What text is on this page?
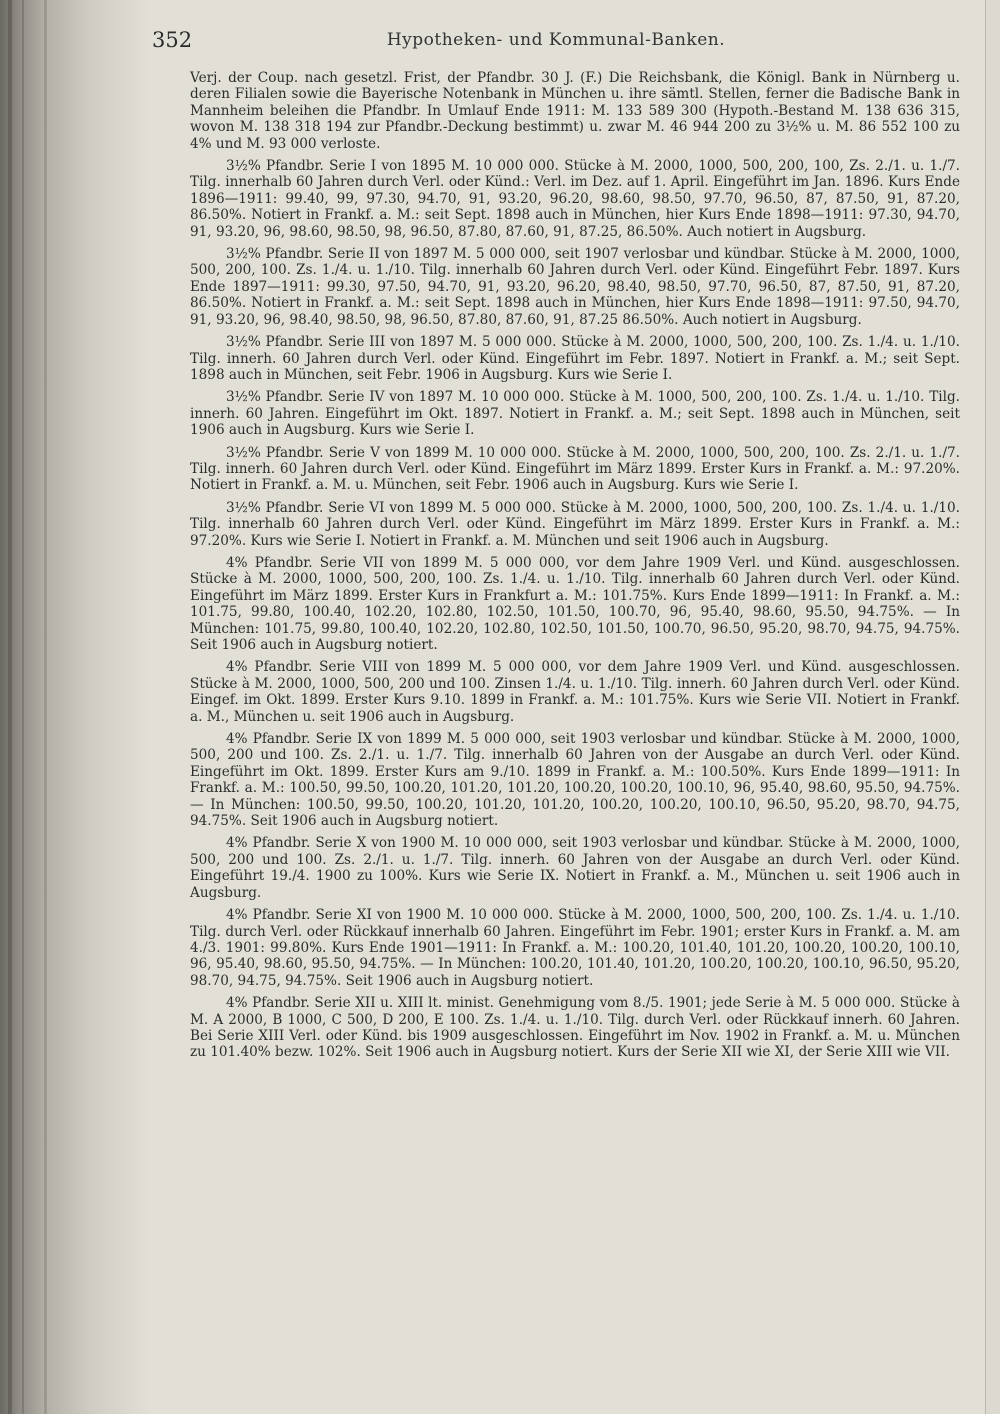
352	Hypotheken- und Kommunal-Banken.

Verj. der Coup. nach gesetzl. Frist, der Pfandbr. 30 J. (F.) Die Reichsbank, die Königl. Bank in Nürnberg u. deren Filialen sowie die Bayerische Notenbank in München u. ihre sämtl. Stellen, ferner die Badische Bank in Mannheim beleihen die Pfandbr. In Umlauf Ende 1911: M. 133 589 300 (Hypoth.-Bestand M. 138 636 315, wovon M. 138 318 194 zur Pfandbr.-Deckung bestimmt) u. zwar M. 46 944 200 zu 3½% u. M. 86 552 100 zu 4% und M. 93 000 verloste.

3½% Pfandbr. Serie I von 1895 M. 10 000 000. Stücke à M. 2000, 1000, 500, 200, 100, Zs. 2./1. u. 1./7. Tilg. innerhalb 60 Jahren durch Verl. oder Künd.: Verl. im Dez. auf 1. April. Eingeführt im Jan. 1896. Kurs Ende 1896—1911: 99.40, 99, 97.30, 94.70, 91, 93.20, 96.20, 98.60, 98.50, 97.70, 96.50, 87, 87.50, 91, 87.20, 86.50%. Notiert in Frankf. a. M.: seit Sept. 1898 auch in München, hier Kurs Ende 1898—1911: 97.30, 94.70, 91, 93.20, 96, 98.60, 98.50, 98, 96.50, 87.80, 87.60, 91, 87.25, 86.50%. Auch notiert in Augsburg.

3½% Pfandbr. Serie II von 1897 M. 5 000 000, seit 1907 verlosbar und kündbar. Stücke à M. 2000, 1000, 500, 200, 100. Zs. 1./4. u. 1./10. Tilg. innerhalb 60 Jahren durch Verl. oder Künd. Eingeführt Febr. 1897. Kurs Ende 1897—1911: 99.30, 97.50, 94.70, 91, 93.20, 96.20, 98.40, 98.50, 97.70, 96.50, 87, 87.50, 91, 87.20, 86.50%. Notiert in Frankf. a. M.: seit Sept. 1898 auch in München, hier Kurs Ende 1898—1911: 97.50, 94.70, 91, 93.20, 96, 98.40, 98.50, 98, 96.50, 87.80, 87.60, 91, 87.25 86.50%. Auch notiert in Augsburg.

3½% Pfandbr. Serie III von 1897 M. 5 000 000. Stücke à M. 2000, 1000, 500, 200, 100. Zs. 1./4. u. 1./10. Tilg. innerh. 60 Jahren durch Verl. oder Künd. Eingeführt im Febr. 1897. Notiert in Frankf. a. M.; seit Sept. 1898 auch in München, seit Febr. 1906 in Augsburg. Kurs wie Serie I.

3½% Pfandbr. Serie IV von 1897 M. 10 000 000. Stücke à M. 1000, 500, 200, 100. Zs. 1./4. u. 1./10. Tilg. innerh. 60 Jahren. Eingeführt im Okt. 1897. Notiert in Frankf. a. M.; seit Sept. 1898 auch in München, seit 1906 auch in Augsburg. Kurs wie Serie I.

3½% Pfandbr. Serie V von 1899 M. 10 000 000. Stücke à M. 2000, 1000, 500, 200, 100. Zs. 2./1. u. 1./7. Tilg. innerh. 60 Jahren durch Verl. oder Künd. Eingeführt im März 1899. Erster Kurs in Frankf. a. M.: 97.20%. Notiert in Frankf. a. M. u. München, seit Febr. 1906 auch in Augsburg. Kurs wie Serie I.

3½% Pfandbr. Serie VI von 1899 M. 5 000 000. Stücke à M. 2000, 1000, 500, 200, 100. Zs. 1./4. u. 1./10. Tilg. innerhalb 60 Jahren durch Verl. oder Künd. Eingeführt im März 1899. Erster Kurs in Frankf. a. M.: 97.20%. Kurs wie Serie I. Notiert in Frankf. a. M. München und seit 1906 auch in Augsburg.

4% Pfandbr. Serie VII von 1899 M. 5 000 000, vor dem Jahre 1909 Verl. und Künd. ausgeschlossen. Stücke à M. 2000, 1000, 500, 200, 100. Zs. 1./4. u. 1./10. Tilg. innerhalb 60 Jahren durch Verl. oder Künd. Eingeführt im März 1899. Erster Kurs in Frankfurt a. M.: 101.75%. Kurs Ende 1899—1911: In Frankf. a. M.: 101.75, 99.80, 100.40, 102.20, 102.80, 102.50, 101.50, 100.70, 96, 95.40, 98.60, 95.50, 94.75%. — In München: 101.75, 99.80, 100.40, 102.20, 102.80, 102.50, 101.50, 100.70, 96.50, 95.20, 98.70, 94.75, 94.75%. Seit 1906 auch in Augsburg notiert.

4% Pfandbr. Serie VIII von 1899 M. 5 000 000, vor dem Jahre 1909 Verl. und Künd. ausgeschlossen. Stücke à M. 2000, 1000, 500, 200 und 100. Zinsen 1./4. u. 1./10. Tilg. innerh. 60 Jahren durch Verl. oder Künd. Eingef. im Okt. 1899. Erster Kurs 9.10. 1899 in Frankf. a. M.: 101.75%. Kurs wie Serie VII. Notiert in Frankf. a. M., München u. seit 1906 auch in Augsburg.

4% Pfandbr. Serie IX von 1899 M. 5 000 000, seit 1903 verlosbar und kündbar. Stücke à M. 2000, 1000, 500, 200 und 100. Zs. 2./1. u. 1./7. Tilg. innerhalb 60 Jahren von der Ausgabe an durch Verl. oder Künd. Eingeführt im Okt. 1899. Erster Kurs am 9./10. 1899 in Frankf. a. M.: 100.50%. Kurs Ende 1899—1911: In Frankf. a. M.: 100.50, 99.50, 100.20, 101.20, 101.20, 100.20, 100.20, 100.10, 96, 95.40, 98.60, 95.50, 94.75%. — In München: 100.50, 99.50, 100.20, 101.20, 101.20, 100.20, 100.20, 100.10, 96.50, 95.20, 98.70, 94.75, 94.75%. Seit 1906 auch in Augsburg notiert.

4% Pfandbr. Serie X von 1900 M. 10 000 000, seit 1903 verlosbar und kündbar. Stücke à M. 2000, 1000, 500, 200 und 100. Zs. 2./1. u. 1./7. Tilg. innerh. 60 Jahren von der Ausgabe an durch Verl. oder Künd. Eingeführt 19./4. 1900 zu 100%. Kurs wie Serie IX. Notiert in Frankf. a. M., München u. seit 1906 auch in Augsburg.

4% Pfandbr. Serie XI von 1900 M. 10 000 000. Stücke à M. 2000, 1000, 500, 200, 100. Zs. 1./4. u. 1./10. Tilg. durch Verl. oder Rückkauf innerhalb 60 Jahren. Eingeführt im Febr. 1901; erster Kurs in Frankf. a. M. am 4./3. 1901: 99.80%. Kurs Ende 1901—1911: In Frankf. a. M.: 100.20, 101.40, 101.20, 100.20, 100.20, 100.10, 96, 95.40, 98.60, 95.50, 94.75%. — In München: 100.20, 101.40, 101.20, 100.20, 100.20, 100.10, 96.50, 95.20, 98.70, 94.75, 94.75%. Seit 1906 auch in Augsburg notiert.

4% Pfandbr. Serie XII u. XIII lt. minist. Genehmigung vom 8./5. 1901; jede Serie à M. 5 000 000. Stücke à M. A 2000, B 1000, C 500, D 200, E 100. Zs. 1./4. u. 1./10. Tilg. durch Verl. oder Rückkauf innerh. 60 Jahren. Bei Serie XIII Verl. oder Künd. bis 1909 ausgeschlossen. Eingeführt im Nov. 1902 in Frankf. a. M. u. München zu 101.40% bezw. 102%. Seit 1906 auch in Augsburg notiert. Kurs der Serie XII wie XI, der Serie XIII wie VII.
